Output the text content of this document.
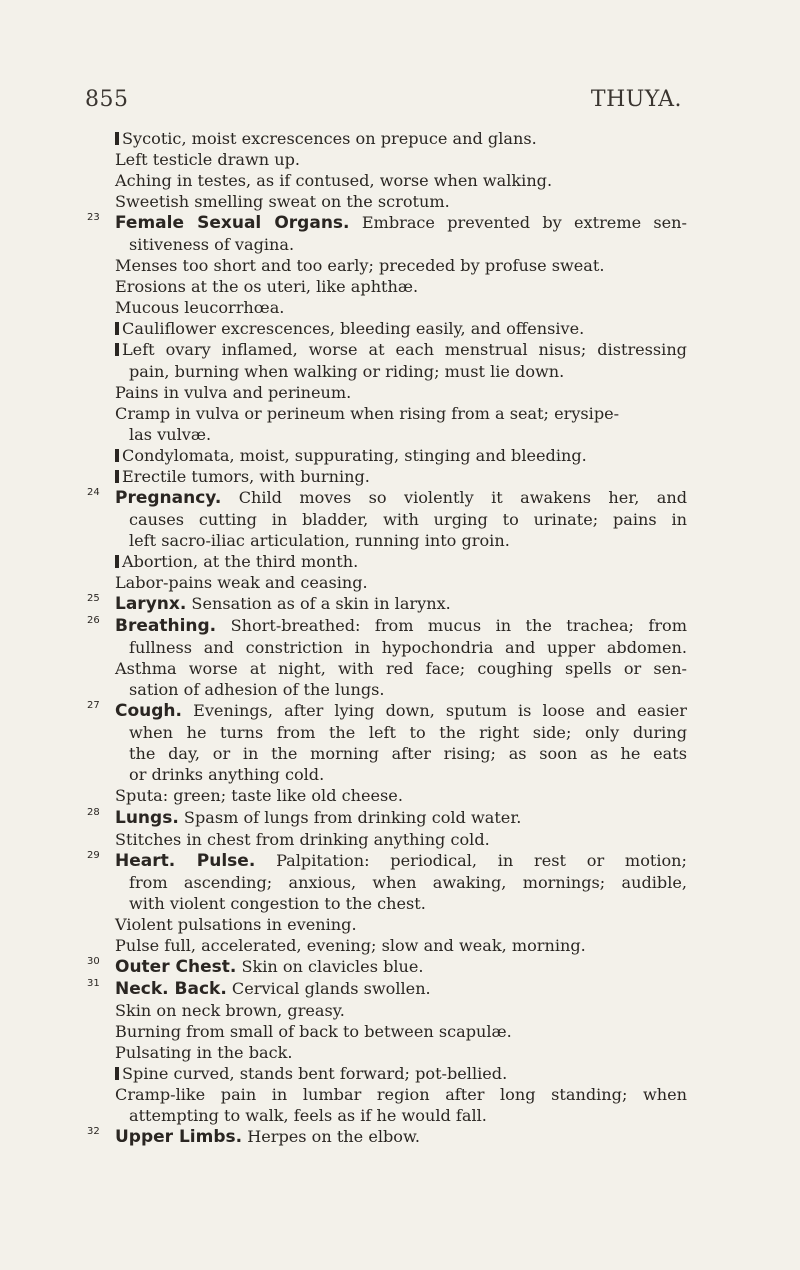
855	THUYA.
Sycotic, moist excrescences on prepuce and glans.
Left testicle drawn up.
Aching in testes, as if contused, worse when walking.
Sweetish smelling sweat on the scrotum.
23 Female Sexual Organs. Embrace prevented by extreme sen-
sitiveness of vagina.
Menses too short and too early; preceded by profuse sweat.
Erosions at the os uteri, like aphthæ.
Mucous leucorrhœa.
Cauliflower excrescences, bleeding easily, and offensive.
Left ovary inflamed, worse at each menstrual nisus; distressing
pain, burning when walking or riding; must lie down.
Pains in vulva and perineum.
Cramp in vulva or perineum when rising from a seat; erysipe-
las vulvæ.
Condylomata, moist, suppurating, stinging and bleeding.
Erectile tumors, with burning.
24 Pregnancy. Child moves so violently it awakens her, and
causes cutting in bladder, with urging to urinate; pains in
left sacro-iliac articulation, running into groin.
Abortion, at the third month.
Labor-pains weak and ceasing.
25 Larynx. Sensation as of a skin in larynx.
26 Breathing. Short-breathed: from mucus in the trachea; from
fullness and constriction in hypochondria and upper abdomen.
Asthma worse at night, with red face; coughing spells or sen-
sation of adhesion of the lungs.
27 Cough. Evenings, after lying down, sputum is loose and easier
when he turns from the left to the right side; only during
the day, or in the morning after rising; as soon as he eats
or drinks anything cold.
Sputa: green; taste like old cheese.
28 Lungs. Spasm of lungs from drinking cold water.
Stitches in chest from drinking anything cold.
29 Heart. Pulse. Palpitation: periodical, in rest or motion;
from ascending; anxious, when awaking, mornings; audible,
with violent congestion to the chest.
Violent pulsations in evening.
Pulse full, accelerated, evening; slow and weak, morning.
30 Outer Chest. Skin on clavicles blue.
31 Neck. Back. Cervical glands swollen.
Skin on neck brown, greasy.
Burning from small of back to between scapulæ.
Pulsating in the back.
Spine curved, stands bent forward; pot-bellied.
Cramp-like pain in lumbar region after long standing; when
attempting to walk, feels as if he would fall.
32 Upper Limbs. Herpes on the elbow.
